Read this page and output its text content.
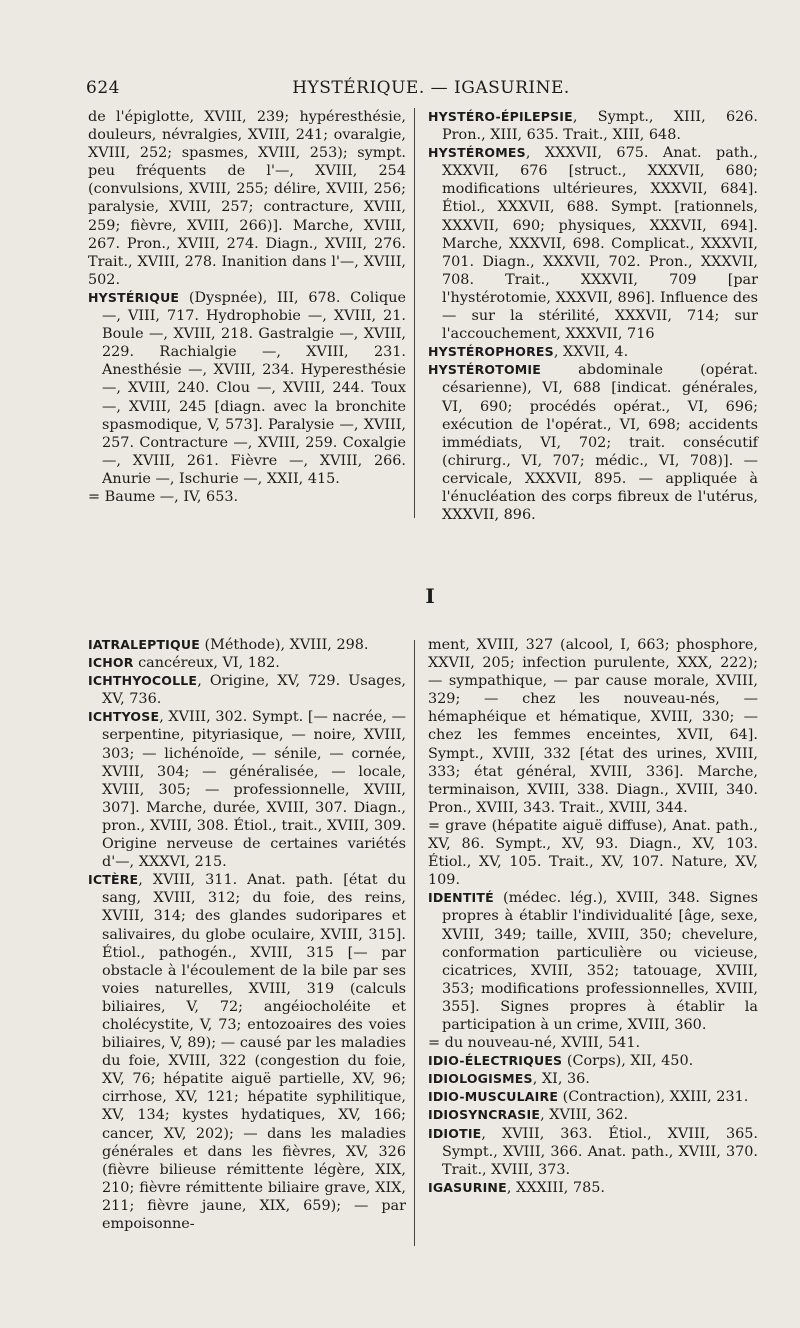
624	HYSTÉRIQUE. — IGASURINE.

de l'épiglotte, XVIII, 239; hypéresthésie, douleurs, névralgies, XVIII, 241; ovaralgie, XVIII, 252; spasmes, XVIII, 253); sympt. peu fréquents de l'—, XVIII, 254 (convulsions, XVIII, 255; délire, XVIII, 256; paralysie, XVIII, 257; contracture, XVIII, 259; fièvre, XVIII, 266)]. Marche, XVIII, 267. Pron., XVIII, 274. Diagn., XVIII, 276. Trait., XVIII, 278. Inanition dans l'—, XVIII, 502.

HYSTÉRIQUE (Dyspnée), III, 678. Colique —, VIII, 717. Hydrophobie —, XVIII, 21. Boule —, XVIII, 218. Gastralgie —, XVIII, 229. Rachialgie —, XVIII, 231. Anesthésie —, XVIII, 234. Hyperesthésie —, XVIII, 240. Clou —, XVIII, 244. Toux —, XVIII, 245 [diagn. avec la bronchite spasmodique, V, 573]. Paralysie —, XVIII, 257. Contracture —, XVIII, 259. Coxalgie —, XVIII, 261. Fièvre —, XVIII, 266. Anurie —, Ischurie —, XXII, 415.

= Baume —, IV, 653.

HYSTÉRO-ÉPILEPSIE, Sympt., XIII, 626. Pron., XIII, 635. Trait., XIII, 648.

HYSTÉROMES, XXXVII, 675. Anat. path., XXXVII, 676 [struct., XXXVII, 680; modifications ultérieures, XXXVII, 684]. Étiol., XXXVII, 688. Sympt. [rationnels, XXXVII, 690; physiques, XXXVII, 694]. Marche, XXXVII, 698. Complicat., XXXVII, 701. Diagn., XXXVII, 702. Pron., XXXVII, 708. Trait., XXXVII, 709 [par l'hystérotomie, XXXVII, 896]. Influence des — sur la stérilité, XXXVII, 714; sur l'accouchement, XXXVII, 716

HYSTÉROPHORES, XXVII, 4.

HYSTÉROTOMIE abdominale (opérat. césarienne), VI, 688 [indicat. générales, VI, 690; procédés opérat., VI, 696; exécution de l'opérat., VI, 698; accidents immédiats, VI, 702; trait. consécutif (chirurg., VI, 707; médic., VI, 708)]. — cervicale, XXXVII, 895. — appliquée à l'énucléation des corps fibreux de l'utérus, XXXVII, 896.

I

IATRALEPTIQUE (Méthode), XVIII, 298.

ICHOR cancéreux, VI, 182.

ICHTHYOCOLLE, Origine, XV, 729. Usages, XV, 736.

ICHTYOSE, XVIII, 302. Sympt. [— nacrée, — serpentine, pityriasique, — noire, XVIII, 303; — lichénoïde, — sénile, — cornée, XVIII, 304; — généralisée, — locale, XVIII, 305; — professionnelle, XVIII, 307]. Marche, durée, XVIII, 307. Diagn., pron., XVIII, 308. Étiol., trait., XVIII, 309. Origine nerveuse de certaines variétés d'—, XXXVI, 215.

ICTÈRE, XVIII, 311. Anat. path. [état du sang, XVIII, 312; du foie, des reins, XVIII, 314; des glandes sudoripares et salivaires, du globe oculaire, XVIII, 315]. Étiol., pathogén., XVIII, 315 [— par obstacle à l'écoulement de la bile par ses voies naturelles, XVIII, 319 (calculs biliaires, V, 72; angéiocholéite et cholécystite, V, 73; entozoaires des voies biliaires, V, 89); — causé par les maladies du foie, XVIII, 322 (congestion du foie, XV, 76; hépatite aiguë partielle, XV, 96; cirrhose, XV, 121; hépatite syphilitique, XV, 134; kystes hydatiques, XV, 166; cancer, XV, 202); — dans les maladies générales et dans les fièvres, XV, 326 (fièvre bilieuse rémittente légère, XIX, 210; fièvre rémittente biliaire grave, XIX, 211; fièvre jaune, XIX, 659); — par empoisonne-

ment, XVIII, 327 (alcool, I, 663; phosphore, XXVII, 205; infection purulente, XXX, 222); — sympathique, — par cause morale, XVIII, 329; — chez les nouveau-nés, — hémaphéique et hématique, XVIII, 330; — chez les femmes enceintes, XVII, 64]. Sympt., XVIII, 332 [état des urines, XVIII, 333; état général, XVIII, 336]. Marche, terminaison, XVIII, 338. Diagn., XVIII, 340. Pron., XVIII, 343. Trait., XVIII, 344.

= grave (hépatite aiguë diffuse), Anat. path., XV, 86. Sympt., XV, 93. Diagn., XV, 103. Étiol., XV, 105. Trait., XV, 107. Nature, XV, 109.

IDENTITÉ (médec. lég.), XVIII, 348. Signes propres à établir l'individualité [âge, sexe, XVIII, 349; taille, XVIII, 350; chevelure, conformation particulière ou vicieuse, cicatrices, XVIII, 352; tatouage, XVIII, 353; modifications professionnelles, XVIII, 355]. Signes propres à établir la participation à un crime, XVIII, 360.

= du nouveau-né, XVIII, 541.

IDIO-ÉLECTRIQUES (Corps), XII, 450.

IDIOLOGISMES, XI, 36.

IDIO-MUSCULAIRE (Contraction), XXIII, 231.

IDIOSYNCRASIE, XVIII, 362.

IDIOTIE, XVIII, 363. Étiol., XVIII, 365. Sympt., XVIII, 366. Anat. path., XVIII, 370. Trait., XVIII, 373.

IGASURINE, XXXIII, 785.
